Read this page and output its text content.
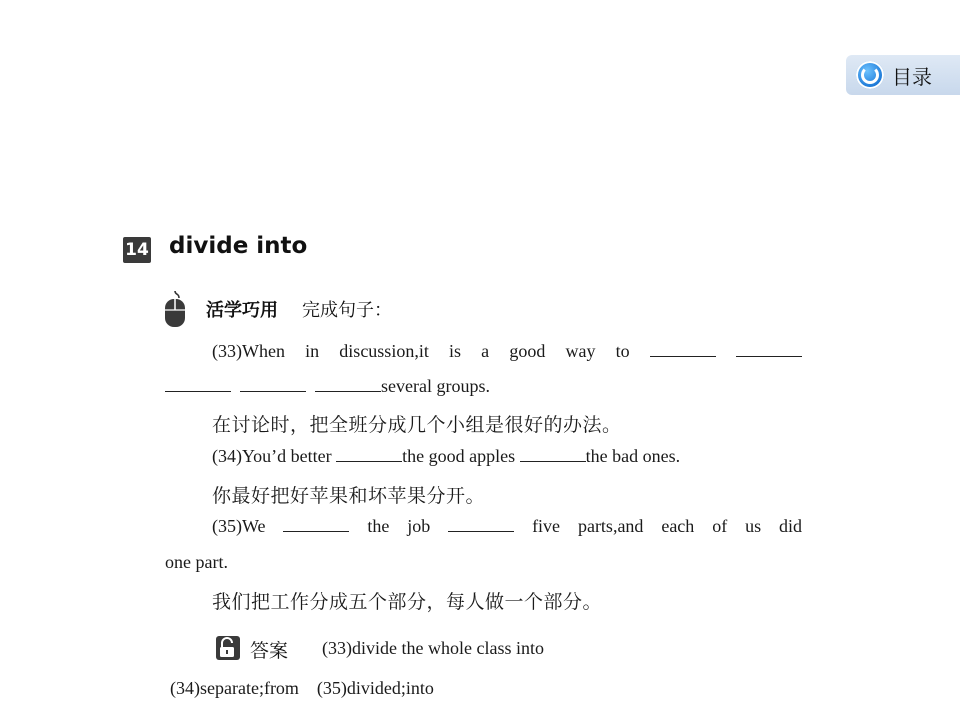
目录
14 divide into
活学巧用 完成句子：
(33)When in discussion,it is a good way to
several groups.
在讨论时，把全班分成几个小组是很好的办法。
(34)You’d better	the good apples	the bad ones.
你最好把好苹果和坏苹果分开。
(35)We	the job	five parts,and each of us did
one part.
我们把工作分成五个部分，每人做一个部分。
答案 (33)divide the whole class into
(34)separate;from　(35)divided;into
